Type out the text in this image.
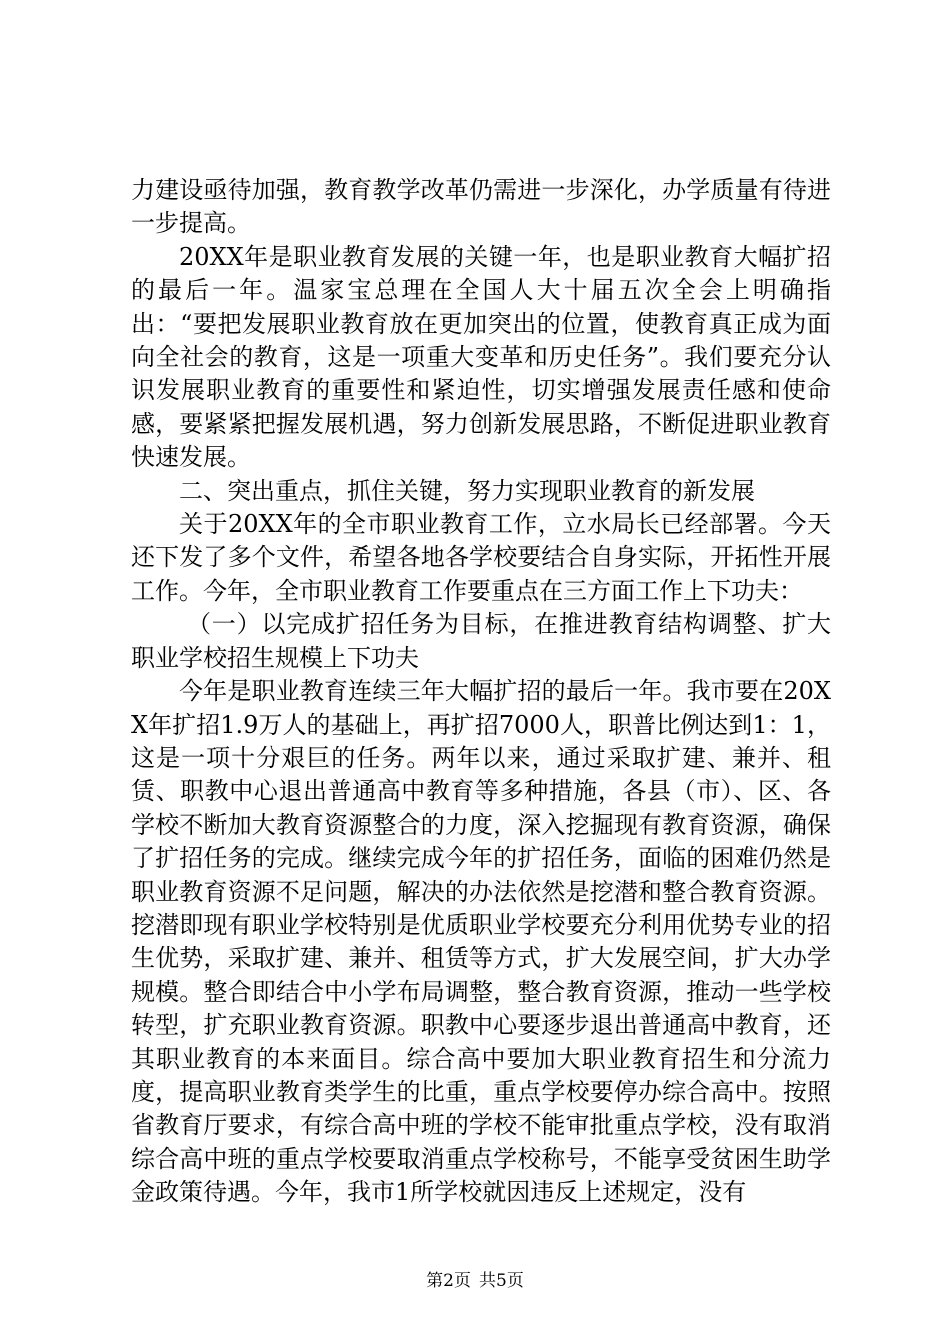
力建设亟待加强，教育教学改革仍需进一步深化，办学质量有待进一步提高。

20XX年是职业教育发展的关键一年，也是职业教育大幅扩招的最后一年。温家宝总理在全国人大十届五次全会上明确指出：“要把发展职业教育放在更加突出的位置，使教育真正成为面向全社会的教育，这是一项重大变革和历史任务”。我们要充分认识发展职业教育的重要性和紧迫性，切实增强发展责任感和使命感，要紧紧把握发展机遇，努力创新发展思路，不断促进职业教育快速发展。

二、突出重点，抓住关键，努力实现职业教育的新发展

关于20XX年的全市职业教育工作，立水局长已经部署。今天还下发了多个文件，希望各地各学校要结合自身实际，开拓性开展工作。今年，全市职业教育工作要重点在三方面工作上下功夫：

（一）以完成扩招任务为目标，在推进教育结构调整、扩大职业学校招生规模上下功夫

今年是职业教育连续三年大幅扩招的最后一年。我市要在20XX年扩招1.9万人的基础上，再扩招7000人，职普比例达到1：1，这是一项十分艰巨的任务。两年以来，通过采取扩建、兼并、租赁、职教中心退出普通高中教育等多种措施，各县（市）、区、各学校不断加大教育资源整合的力度，深入挖掘现有教育资源，确保了扩招任务的完成。继续完成今年的扩招任务，面临的困难仍然是职业教育资源不足问题，解决的办法依然是挖潜和整合教育资源。挖潜即现有职业学校特别是优质职业学校要充分利用优势专业的招生优势，采取扩建、兼并、租赁等方式，扩大发展空间，扩大办学规模。整合即结合中小学布局调整，整合教育资源，推动一些学校转型，扩充职业教育资源。职教中心要逐步退出普通高中教育，还其职业教育的本来面目。综合高中要加大职业教育招生和分流力度，提高职业教育类学生的比重，重点学校要停办综合高中。按照省教育厅要求，有综合高中班的学校不能审批重点学校，没有取消综合高中班的重点学校要取消重点学校称号，不能享受贫困生助学金政策待遇。今年，我市1所学校就因违反上述规定，没有

第2页 共5页
